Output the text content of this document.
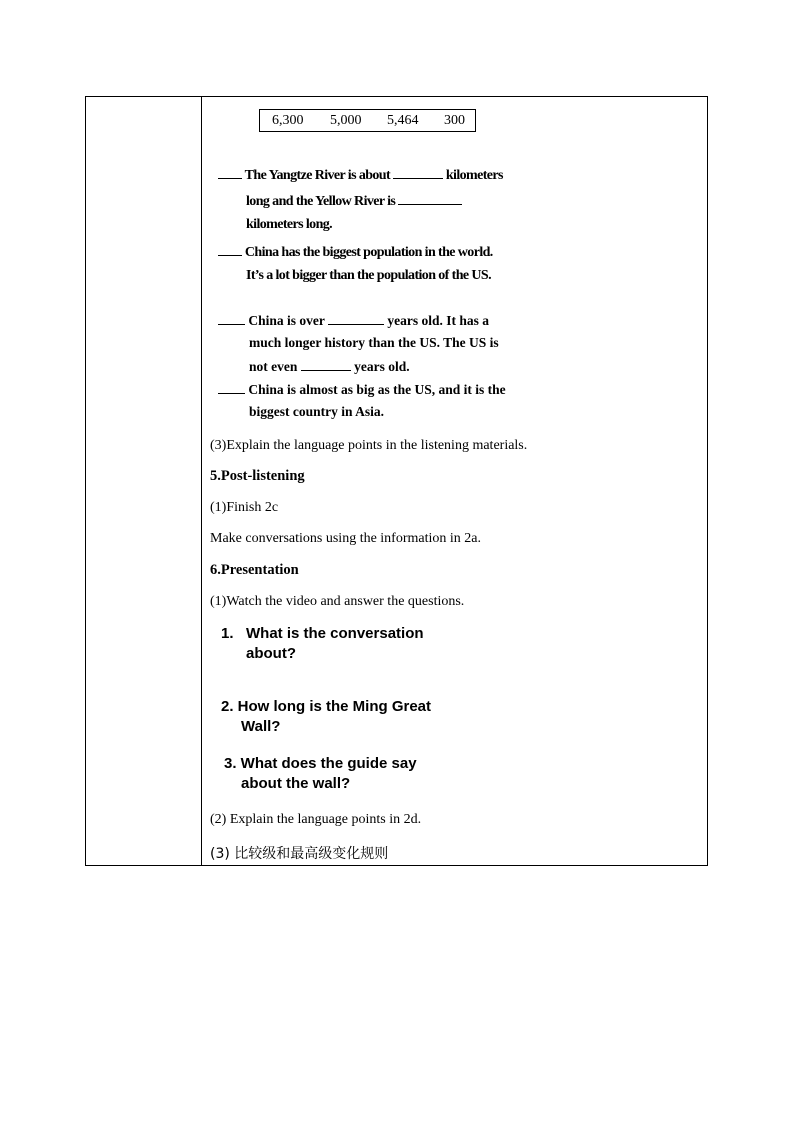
6,300 5,000 5,464 300
The Yangtze River is about	kilometers
long and the Yellow River is
kilometers long.
China has the biggest population in the world.
It’s a lot bigger than the population of the US.
China is over	years old. It has a
much longer history than the US. The US is
not even	years old.
China is almost as big as the US, and it is the
biggest country in Asia.
(3)Explain the language points in the listening materials.
5.Post-listening
(1)Finish 2c
Make conversations using the information in 2a.
6.Presentation
(1)Watch the video and answer the questions.
1. What is the conversation
about?
2. How long is the Ming Great
Wall?
3. What does the guide say
about the wall?
(2) Explain the language points in 2d.
(3) 比较级和最高级变化规则
